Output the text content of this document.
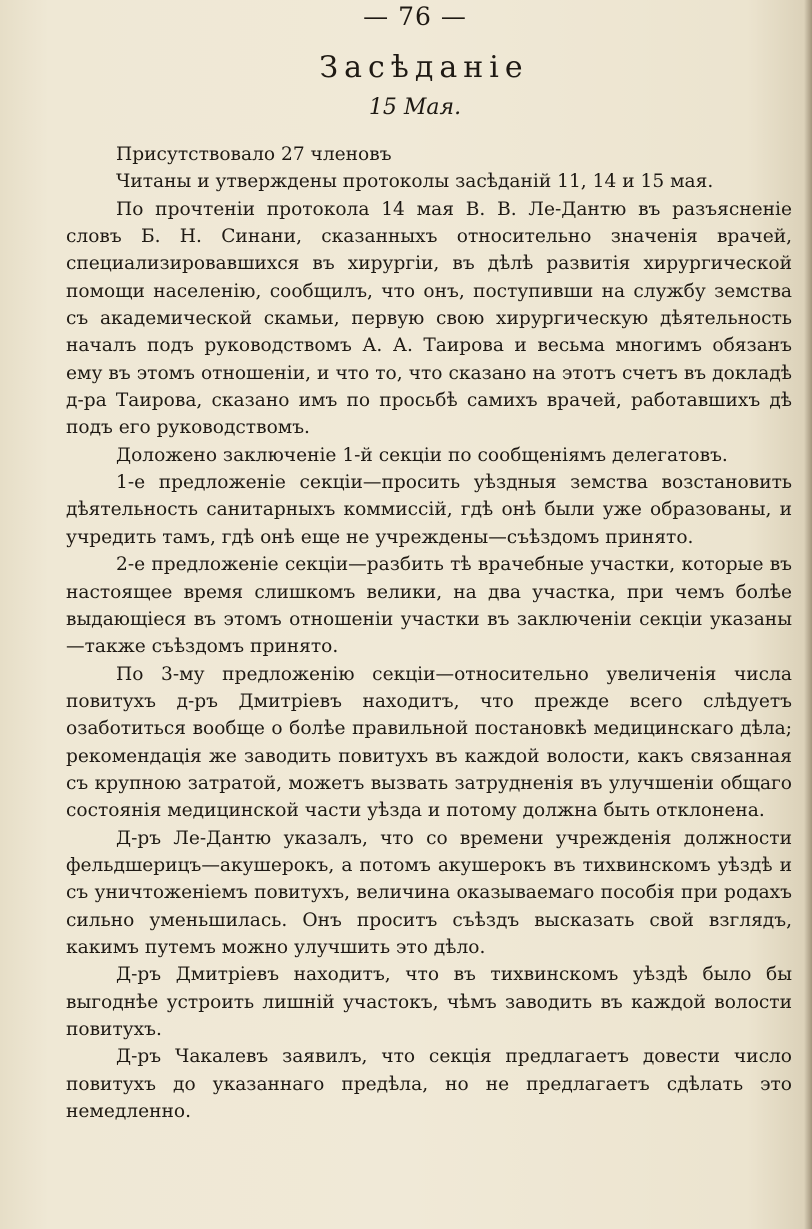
— 76 —
Засѣданіе
15 Мая.

Присутствовало 27 членовъ

Читаны и утверждены протоколы засѣданій 11, 14 и 15 мая.

По прочтеніи протокола 14 мая В. В. Ле-Дантю въ разъясненіе словъ Б. Н. Синани, сказанныхъ относительно значенія врачей, специализировавшихся въ хирургіи, въ дѣлѣ развитія хирургической помощи населенію, сообщилъ, что онъ, поступивши на службу земства съ академической скамьи, первую свою хирургическую дѣятельность началъ подъ руководствомъ А. А. Таирова и весьма многимъ обязанъ ему въ этомъ отношеніи, и что то, что сказано на этотъ счетъ въ докладѣ д-ра Таирова, сказано имъ по просьбѣ самихъ врачей, работавшихъ дѣ подъ его руководствомъ.

Доложено заключеніе 1-й секціи по сообщеніямъ делегатовъ.

1-е предложеніе секціи—просить уѣздныя земства возстановить дѣятельность санитарныхъ коммиссій, гдѣ онѣ были уже образованы, и учредить тамъ, гдѣ онѣ еще не учреждены—съѣздомъ принято.

2-е предложеніе секціи—разбить тѣ врачебные участки, которые въ настоящее время слишкомъ велики, на два участка, при чемъ болѣе выдающіеся въ этомъ отношеніи участки въ заключеніи секціи указаны—также съѣздомъ принято.

По 3-му предложенію секціи—относительно увеличенія числа повитухъ д-ръ Дмитріевъ находитъ, что прежде всего слѣдуетъ озаботиться вообще о болѣе правильной постановкѣ медицинскаго дѣла; рекомендація же заводить повитухъ въ каждой волости, какъ связанная съ крупною затратой, можетъ вызвать затрудненія въ улучшеніи общаго состоянія медицинской части уѣзда и потому должна быть отклонена.

Д-ръ Ле-Дантю указалъ, что со времени учрежденія должности фельдшерицъ—акушерокъ, а потомъ акушерокъ въ тихвинскомъ уѣздѣ и съ уничтоженіемъ повитухъ, величина оказываемаго пособія при родахъ сильно уменьшилась. Онъ проситъ съѣздъ высказать свой взглядъ, какимъ путемъ можно улучшить это дѣло.

Д-ръ Дмитріевъ находитъ, что въ тихвинскомъ уѣздѣ было бы выгоднѣе устроить лишній участокъ, чѣмъ заводить въ каждой волости повитухъ.

Д-ръ Чакалевъ заявилъ, что секція предлагаетъ довести число повитухъ до указаннаго предѣла, но не предлагаетъ сдѣлать это немедленно.
